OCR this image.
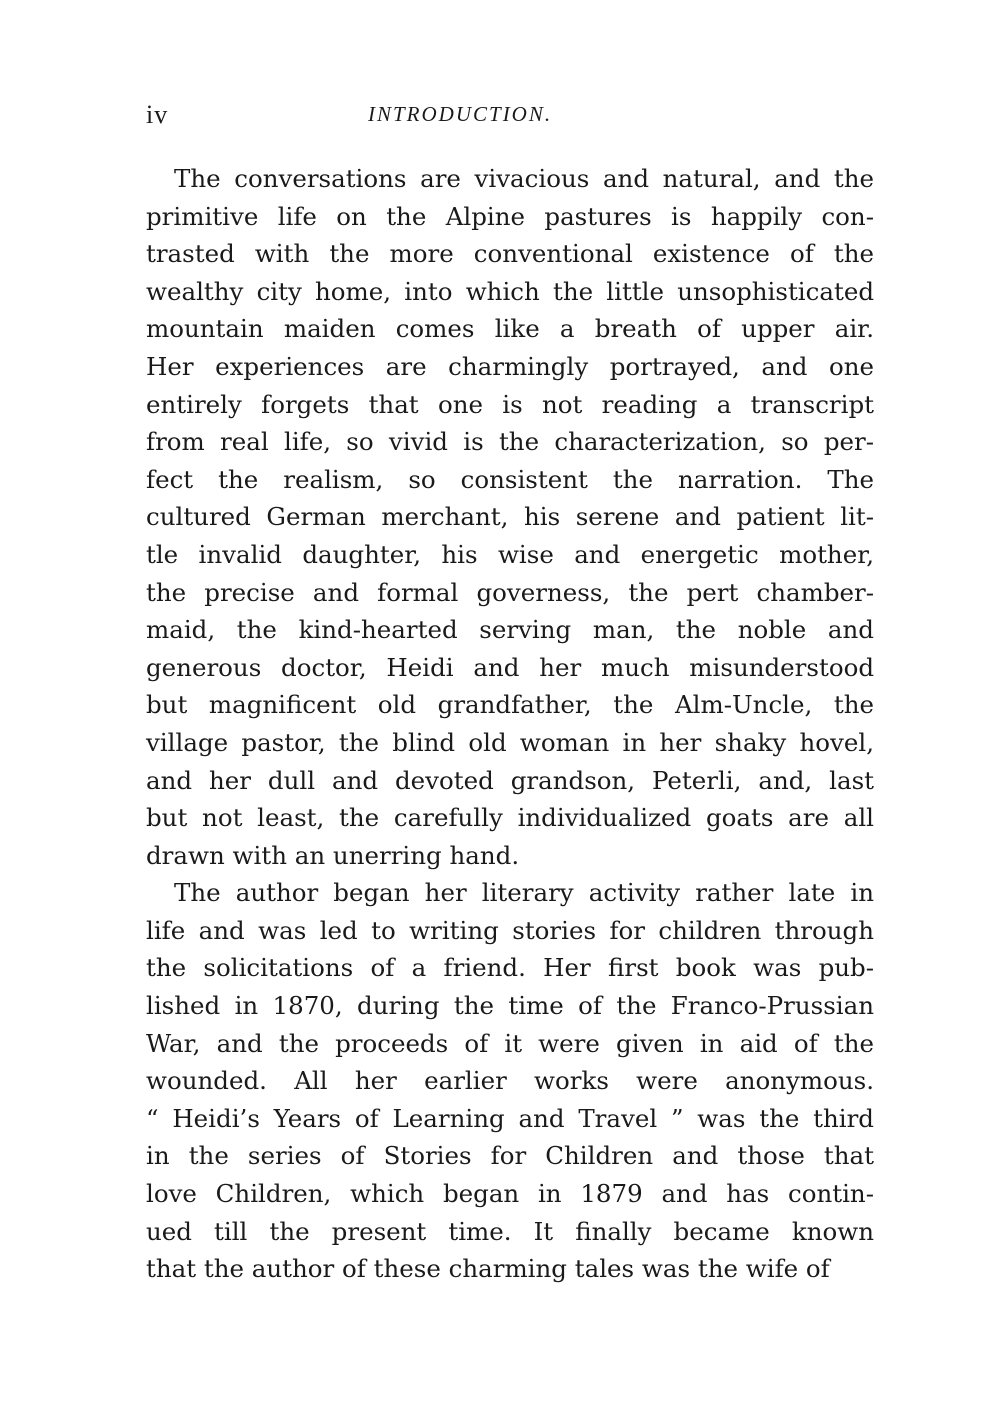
iv	INTRODUCTION.
The conversations are vivacious and natural, and the
primitive life on the Alpine pastures is happily con-
trasted with the more conventional existence of the
wealthy city home, into which the little unsophisticated
mountain maiden comes like a breath of upper air.
Her experiences are charmingly portrayed, and one
entirely forgets that one is not reading a transcript
from real life, so vivid is the characterization, so per-
fect the realism, so consistent the narration. The
cultured German merchant, his serene and patient lit-
tle invalid daughter, his wise and energetic mother,
the precise and formal governess, the pert chamber-
maid, the kind-hearted serving man, the noble and
generous doctor, Heidi and her much misunderstood
but magnificent old grandfather, the Alm-Uncle, the
village pastor, the blind old woman in her shaky hovel,
and her dull and devoted grandson, Peterli, and, last
but not least, the carefully individualized goats are all
drawn with an unerring hand.
The author began her literary activity rather late in
life and was led to writing stories for children through
the solicitations of a friend. Her first book was pub-
lished in 1870, during the time of the Franco-Prussian
War, and the proceeds of it were given in aid of the
wounded. All her earlier works were anonymous.
“ Heidi’s Years of Learning and Travel ” was the third
in the series of Stories for Children and those that
love Children, which began in 1879 and has contin-
ued till the present time. It finally became known
that the author of these charming tales was the wife of
